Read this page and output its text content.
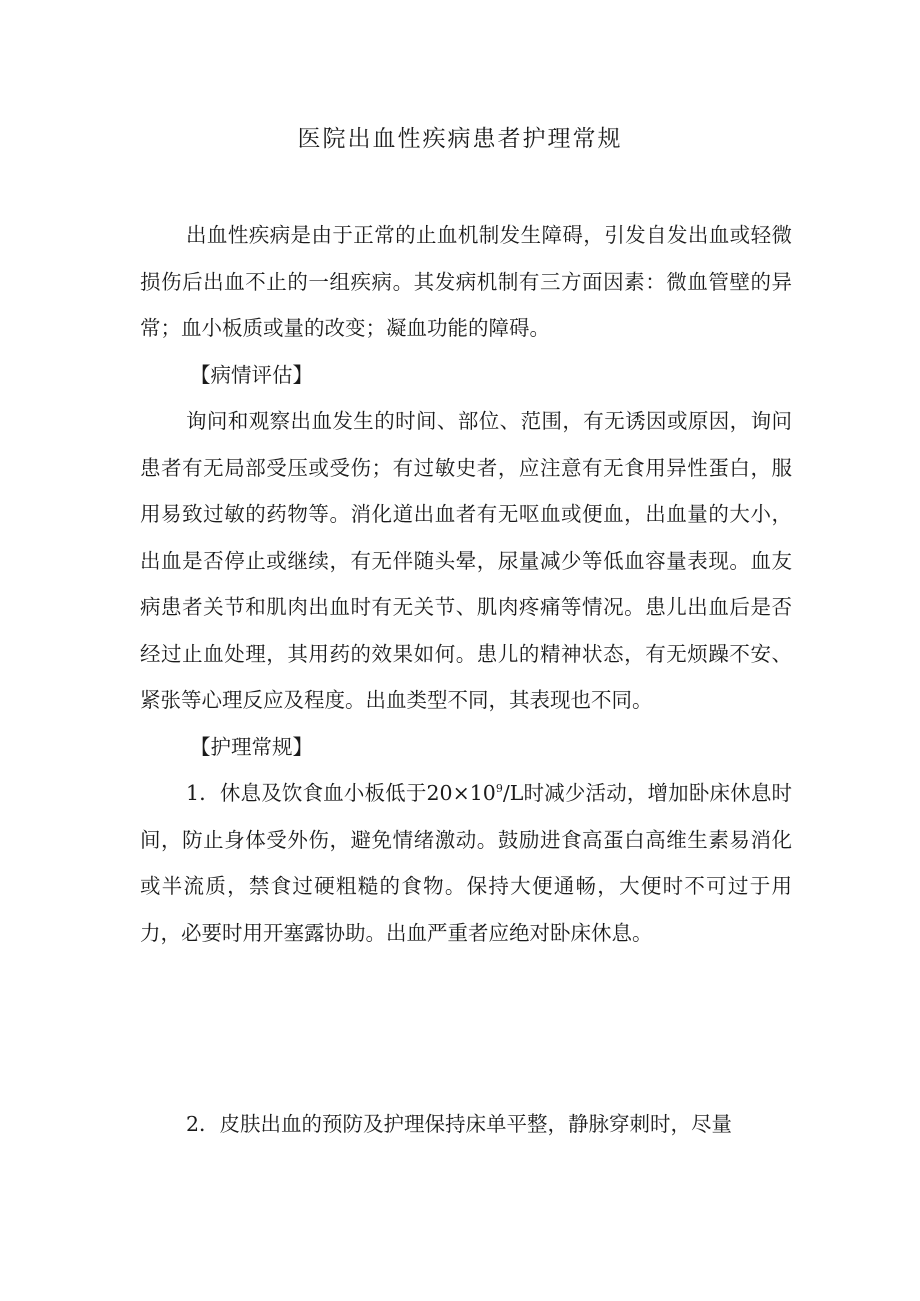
医院出血性疾病患者护理常规

出血性疾病是由于正常的止血机制发生障碍，引发自发出血或轻微损伤后出血不止的一组疾病。其发病机制有三方面因素：微血管壁的异常；血小板质或量的改变；凝血功能的障碍。

【病情评估】

询问和观察出血发生的时间、部位、范围，有无诱因或原因，询问患者有无局部受压或受伤；有过敏史者，应注意有无食用异性蛋白，服用易致过敏的药物等。消化道出血者有无呕血或便血，出血量的大小，出血是否停止或继续，有无伴随头晕，尿量减少等低血容量表现。血友病患者关节和肌肉出血时有无关节、肌肉疼痛等情况。患儿出血后是否经过止血处理，其用药的效果如何。患儿的精神状态，有无烦躁不安、紧张等心理反应及程度。出血类型不同，其表现也不同。

【护理常规】

1．休息及饮食血小板低于$20\times 10^9/L$时减少活动，增加卧床休息时间，防止身体受外伤，避免情绪激动。鼓励进食高蛋白高维生素易消化或半流质，禁食过硬粗糙的食物。保持大便通畅，大便时不可过于用力，必要时用开塞露协助。出血严重者应绝对卧床休息。

2．皮肤出血的预防及护理保持床单平整，静脉穿刺时，尽量
